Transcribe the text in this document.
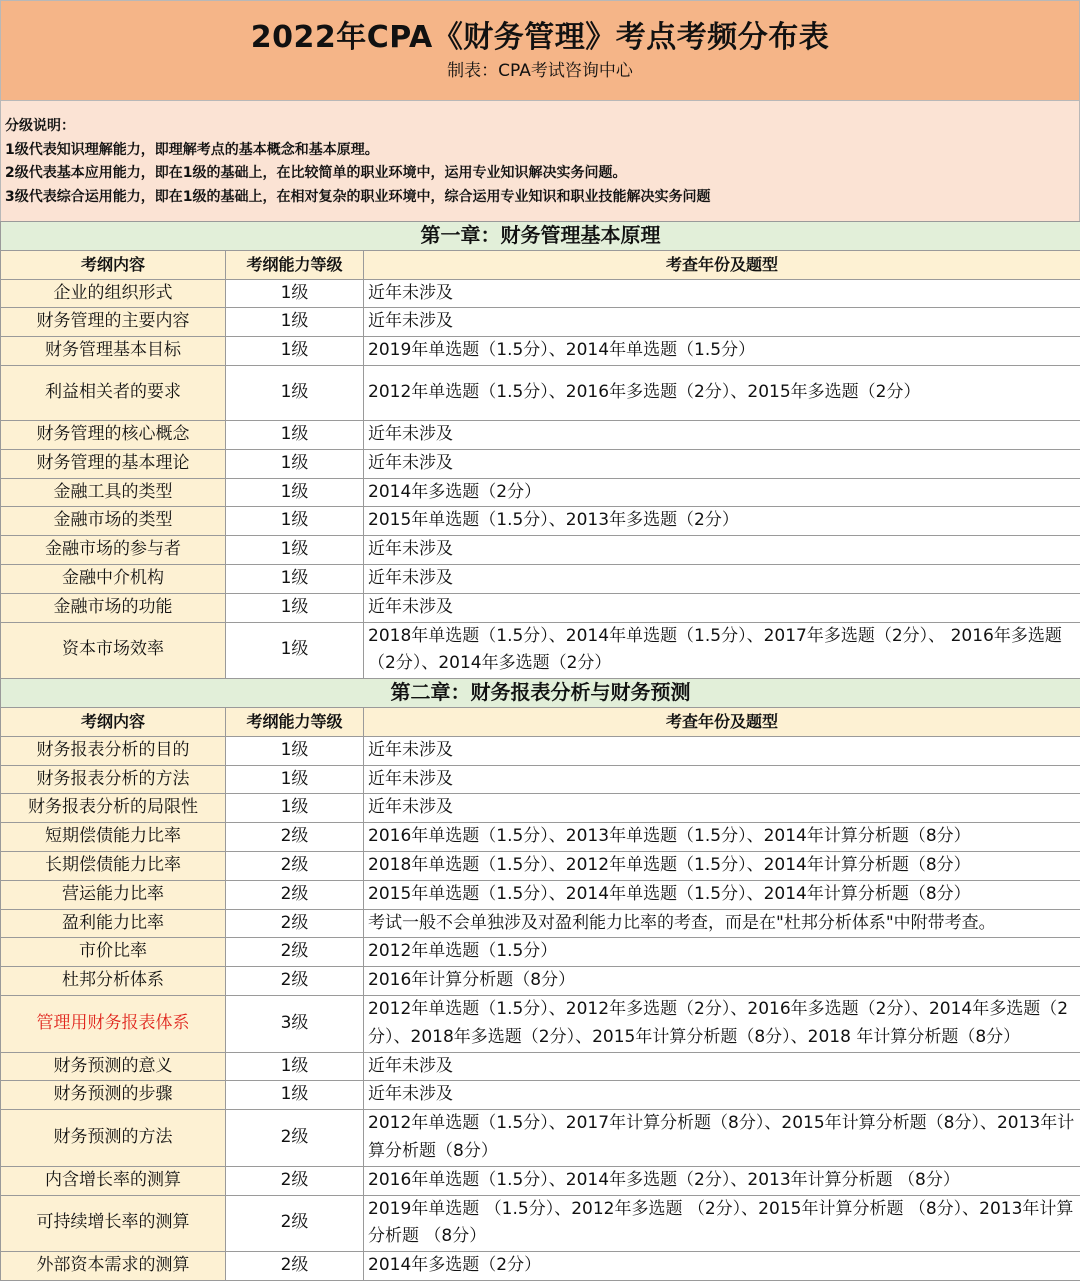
2022年CPA《财务管理》考点考频分布表
制表：CPA考试咨询中心
分级说明：
1级代表知识理解能力，即理解考点的基本概念和基本原理。
2级代表基本应用能力，即在1级的基础上，在比较简单的职业环境中，运用专业知识解决实务问题。
3级代表综合运用能力，即在1级的基础上，在相对复杂的职业环境中，综合运用专业知识和职业技能解决实务问题
第一章：财务管理基本原理		
考纲内容	考纲能力等级	考查年份及题型
企业的组织形式	1级	近年未涉及
财务管理的主要内容	1级	近年未涉及
财务管理基本目标	1级	2019年单选题（1.5分）、2014年单选题（1.5分）
利益相关者的要求	1级	2012年单选题（1.5分）、2016年多选题（2分）、2015年多选题（2分）
财务管理的核心概念	1级	近年未涉及
财务管理的基本理论	1级	近年未涉及
金融工具的类型	1级	2014年多选题（2分）
金融市场的类型	1级	2015年单选题（1.5分）、2013年多选题（2分）
金融市场的参与者	1级	近年未涉及
金融中介机构	1级	近年未涉及
金融市场的功能	1级	近年未涉及
资本市场效率	1级	2018年单选题（1.5分）、2014年单选题（1.5分）、2017年多选题（2分）、 2016年多选题（2分）、2014年多选题（2分）
第二章：财务报表分析与财务预测		
考纲内容	考纲能力等级	考查年份及题型
财务报表分析的目的	1级	近年未涉及
财务报表分析的方法	1级	近年未涉及
财务报表分析的局限性	1级	近年未涉及
短期偿债能力比率	2级	2016年单选题（1.5分）、2013年单选题（1.5分）、2014年计算分析题（8分）
长期偿债能力比率	2级	2018年单选题（1.5分）、2012年单选题（1.5分）、2014年计算分析题（8分）
营运能力比率	2级	2015年单选题（1.5分）、2014年单选题（1.5分）、2014年计算分析题（8分）
盈利能力比率	2级	考试一般不会单独涉及对盈利能力比率的考查，而是在"杜邦分析体系"中附带考查。
市价比率	2级	2012年单选题（1.5分）
杜邦分析体系	2级	2016年计算分析题（8分）
管理用财务报表体系	3级	2012年单选题（1.5分）、2012年多选题（2分）、2016年多选题（2分）、2014年多选题（2分）、2018年多选题（2分）、2015年计算分析题（8分）、2018 年计算分析题（8分）
财务预测的意义	1级	近年未涉及
财务预测的步骤	1级	近年未涉及
财务预测的方法	2级	2012年单选题（1.5分）、2017年计算分析题（8分）、2015年计算分析题（8分）、2013年计算分析题（8分）
内含增长率的测算	2级	2016年单选题（1.5分）、2014年多选题（2分）、2013年计算分析题 （8分）
可持续增长率的测算	2级	2019年单选题 （1.5分）、2012年多选题 （2分）、2015年计算分析题 （8分）、2013年计算分析题 （8分）
外部资本需求的测算	2级	2014年多选题（2分）
